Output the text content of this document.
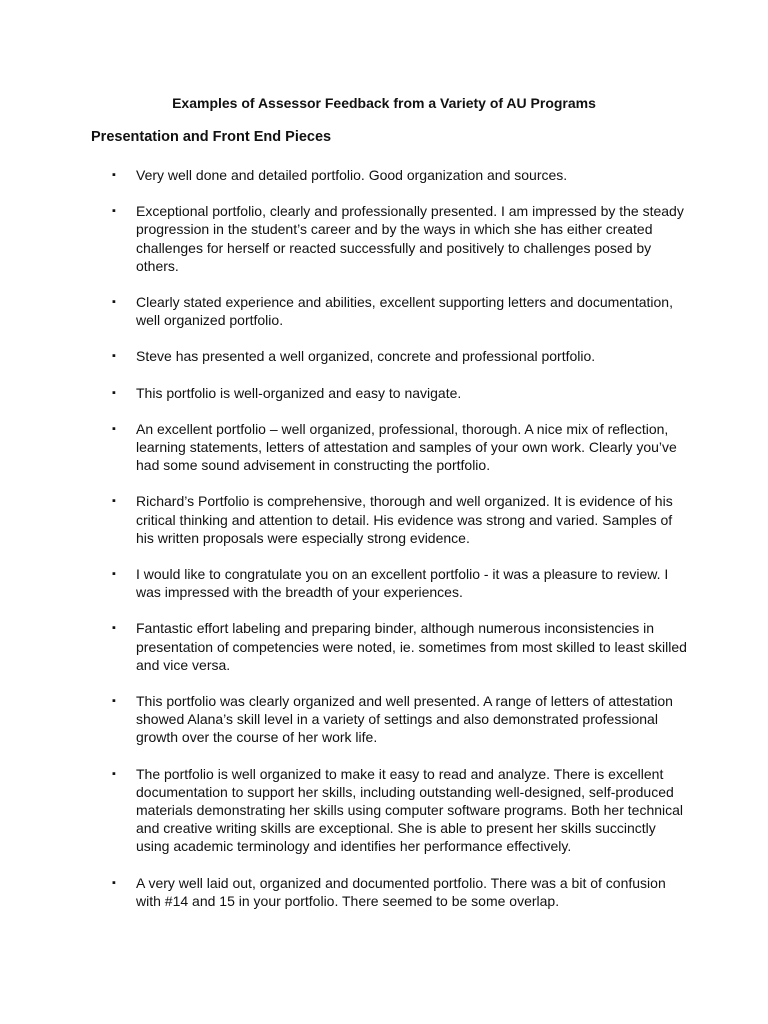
Examples of Assessor Feedback from a Variety of AU Programs
Presentation and Front End Pieces
▪ Very well done and detailed portfolio. Good organization and sources.
▪ Exceptional portfolio, clearly and professionally presented. I am impressed by the steady progression in the student’s career and by the ways in which she has either created challenges for herself or reacted successfully and positively to challenges posed by others.
▪ Clearly stated experience and abilities, excellent supporting letters and documentation, well organized portfolio.
▪ Steve has presented a well organized, concrete and professional portfolio.
▪ This portfolio is well-organized and easy to navigate.
▪ An excellent portfolio – well organized, professional, thorough. A nice mix of reflection, learning statements, letters of attestation and samples of your own work. Clearly you’ve had some sound advisement in constructing the portfolio.
▪ Richard’s Portfolio is comprehensive, thorough and well organized. It is evidence of his critical thinking and attention to detail. His evidence was strong and varied. Samples of his written proposals were especially strong evidence.
▪ I would like to congratulate you on an excellent portfolio - it was a pleasure to review. I was impressed with the breadth of your experiences.
▪ Fantastic effort labeling and preparing binder, although numerous inconsistencies in presentation of competencies were noted, ie. sometimes from most skilled to least skilled and vice versa.
▪ This portfolio was clearly organized and well presented. A range of letters of attestation showed Alana’s skill level in a variety of settings and also demonstrated professional growth over the course of her work life.
▪ The portfolio is well organized to make it easy to read and analyze. There is excellent documentation to support her skills, including outstanding well-designed, self-produced materials demonstrating her skills using computer software programs. Both her technical and creative writing skills are exceptional. She is able to present her skills succinctly using academic terminology and identifies her performance effectively.
▪ A very well laid out, organized and documented portfolio. There was a bit of confusion with #14 and 15 in your portfolio. There seemed to be some overlap.
